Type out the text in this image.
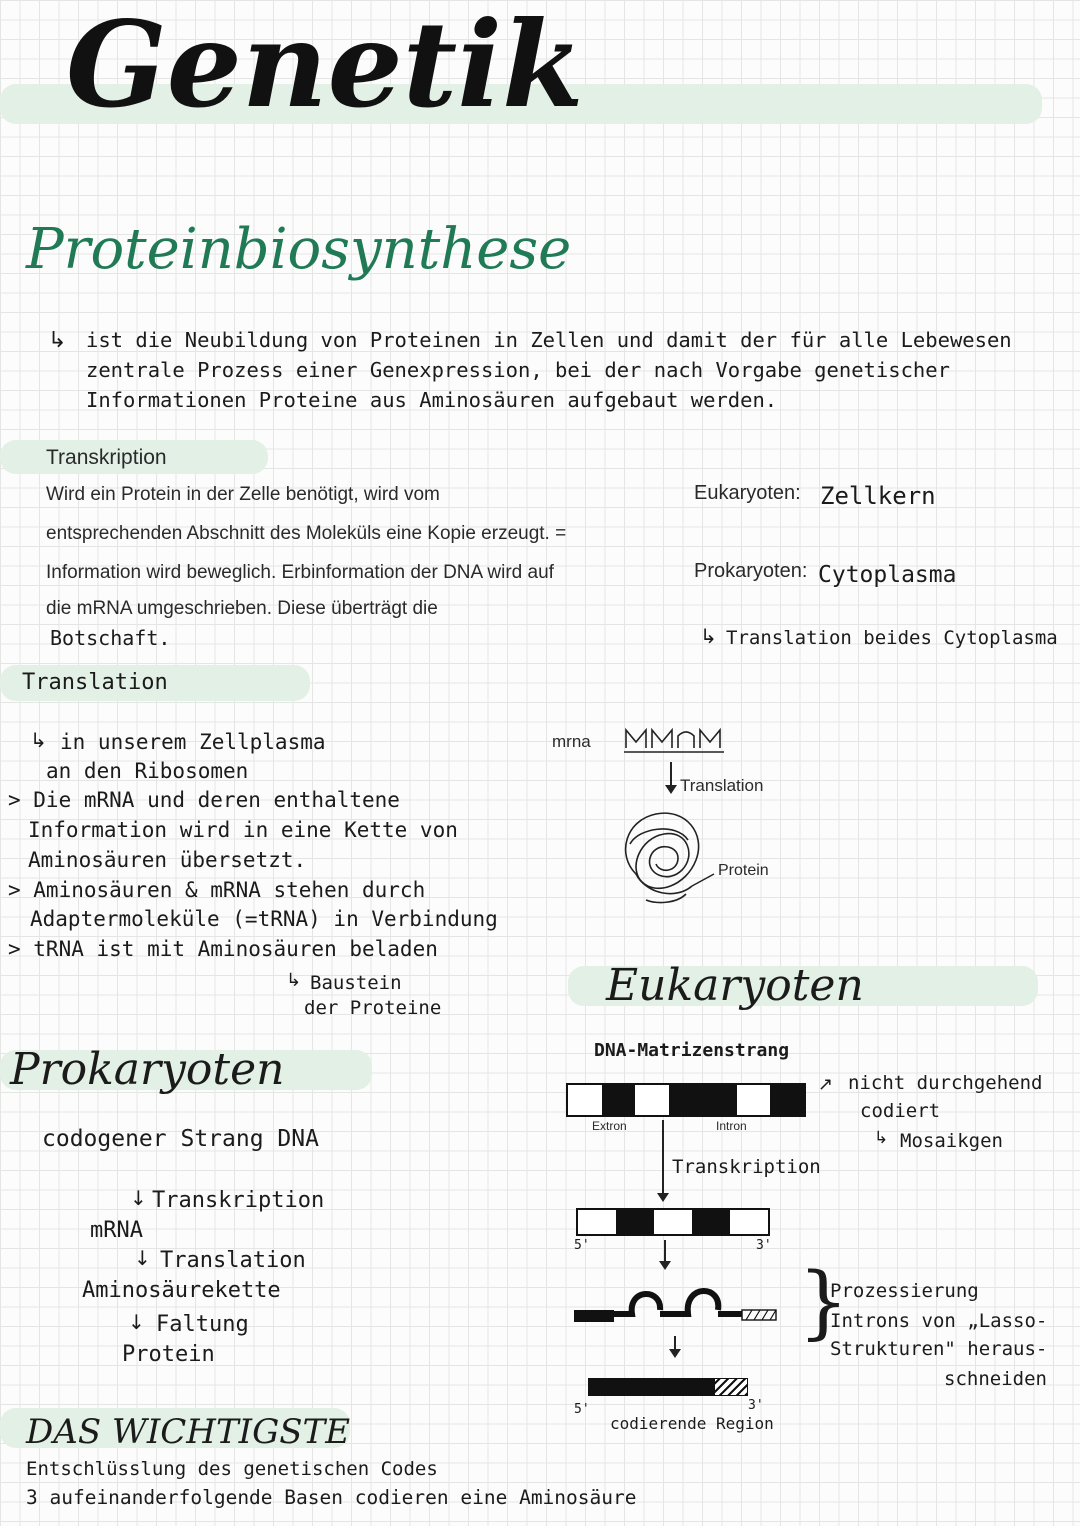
Genetik
Proteinbiosynthese
↳ ist die Neubildung von Proteinen in Zellen und damit der für alle Lebewesen
zentrale Prozess einer Genexpression, bei der nach Vorgabe genetischer
Informationen Proteine aus Aminosäuren aufgebaut werden.
Transkription
Wird ein Protein in der Zelle benötigt, wird vom
entsprechenden Abschnitt des Moleküls eine Kopie erzeugt. =
Information wird beweglich. Erbinformation der DNA wird auf
die mRNA umgeschrieben. Diese überträgt die
Botschaft.
Eukaryoten: Zellkern
Prokaryoten: Cytoplasma
↳ Translation beides Cytoplasma
Translation
↳ in unserem Zellplasma
an den Ribosomen
> Die mRNA und deren enthaltene
Information wird in eine Kette von
Aminosäuren übersetzt.
> Aminosäuren & mRNA stehen durch
Adaptermoleküle (=tRNA) in Verbindung
> tRNA ist mit Aminosäuren beladen
↳ Baustein
der Proteine
mrna
Translation
Protein
Eukaryoten
DNA-Matrizenstrang
Extron	Intron
↗ nicht durchgehend
codiert
↳ Mosaikgen
Transkription
5'	3'
}
Prozessierung
Introns von „Lasso-
Strukturen" heraus-
schneiden
5'	3'
codierende Region
Prokaryoten
codogener Strang DNA
↓ Transkription
mRNA
↓ Translation
Aminosäurekette
↓ Faltung
Protein
DAS WICHTIGSTE
Entschlüsslung des genetischen Codes
3 aufeinanderfolgende Basen codieren eine Aminosäure
